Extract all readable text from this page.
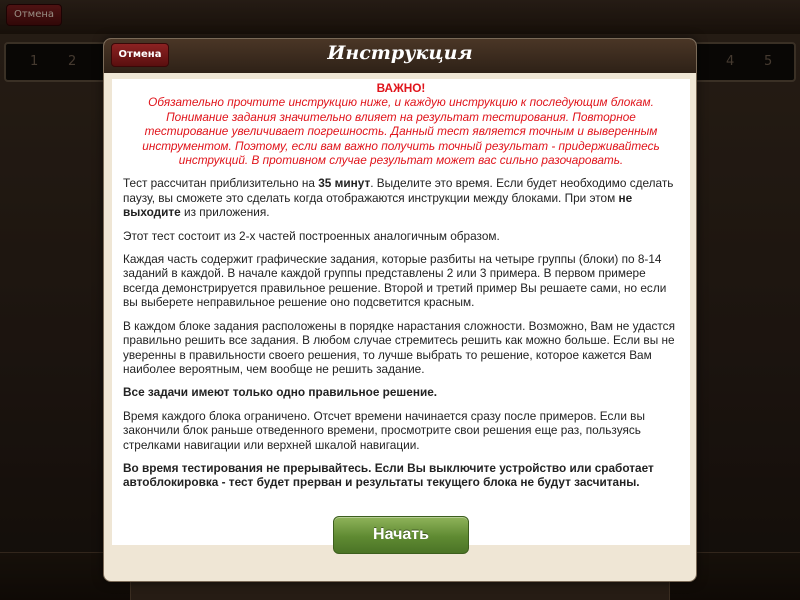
Отмена
1 2	4 5
Инструкция
Отмена
ВАЖНО!
Обязательно прочтите инструкцию ниже, и каждую инструкцию к последующим блокам. Понимание задания значительно влияет на результат тестирования. Повторное тестирование увеличивает погрешность. Данный тест является точным и выверенным инструментом. Поэтому, если вам важно получить точный результат - придерживайтесь инструкций. В противном случае результат может вас сильно разочаровать.
Тест рассчитан приблизительно на 35 минут. Выделите это время. Если будет необходимо сделать паузу, вы сможете это сделать когда отображаются инструкции между блоками. При этом не выходите из приложения.
Этот тест состоит из 2-х частей построенных аналогичным образом.
Каждая часть содержит графические задания, которые разбиты на четыре группы (блоки) по 8-14 заданий в каждой. В начале каждой группы представлены 2 или 3 примера. В первом примере всегда демонстрируется правильное решение. Второй и третий пример Вы решаете сами, но если вы выберете неправильное решение оно подсветится красным.
В каждом блоке задания расположены в порядке нарастания сложности. Возможно, Вам не удастся правильно решить все задания. В любом случае стремитесь решить как можно больше. Если вы не уверенны в правильности своего решения, то лучше выбрать то решение, которое кажется Вам наиболее вероятным, чем вообще не решить задание.
Все задачи имеют только одно правильное решение.
Время каждого блока ограничено. Отсчет времени начинается сразу после примеров. Если вы закончили блок раньше отведенного времени, просмотрите свои решения еще раз, пользуясь стрелками навигации или верхней шкалой навигации.
Во время тестирования не прерывайтесь. Если Вы выключите устройство или сработает автоблокировка - тест будет прерван и результаты текущего блока не будут засчитаны.
Начать
